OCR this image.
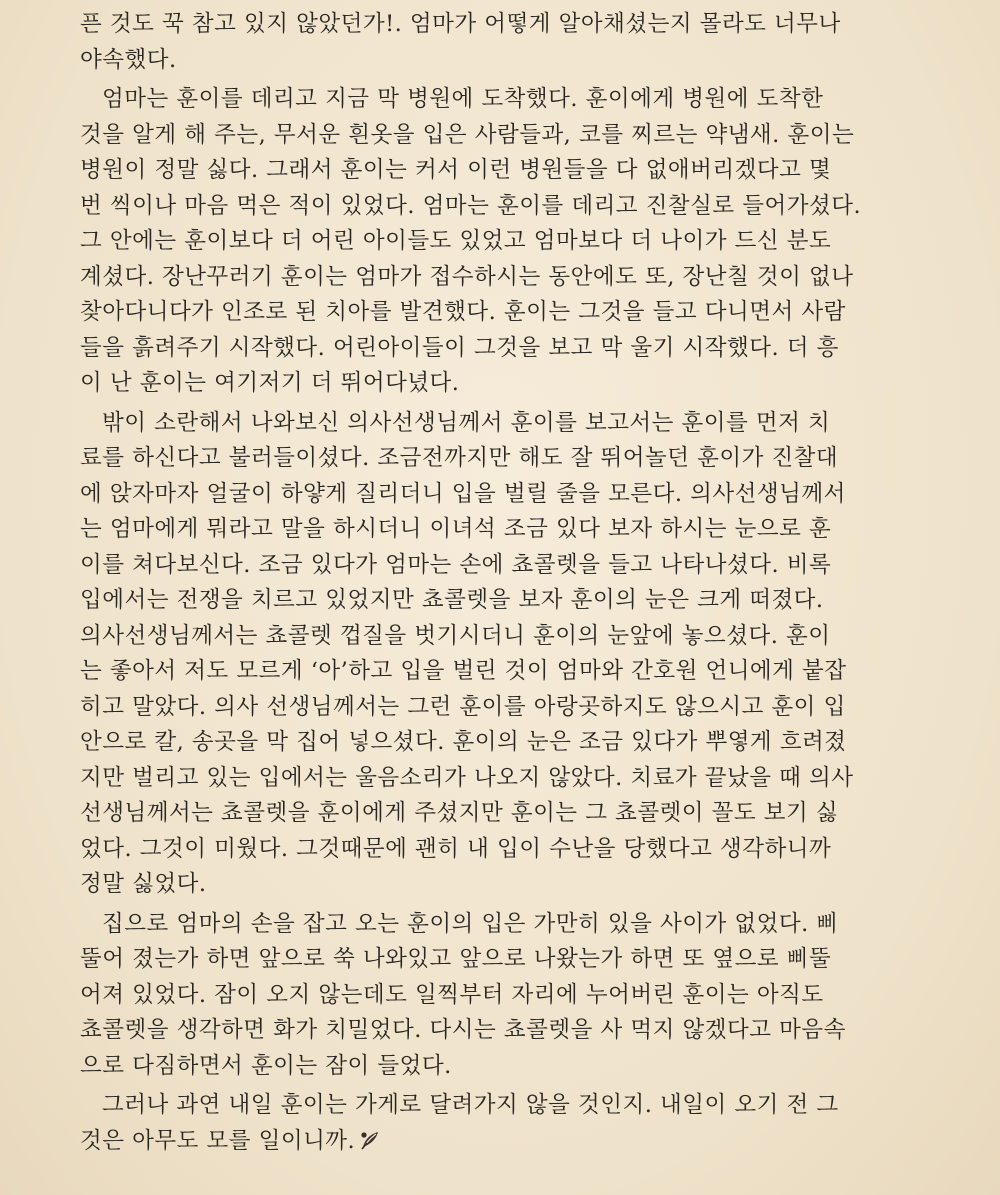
픈 것도 꾹 참고 있지 않았던가!. 엄마가 어떻게 알아채셨는지 몰라도 너무나
야속했다.
엄마는 훈이를 데리고 지금 막 병원에 도착했다. 훈이에게 병원에 도착한
것을 알게 해 주는, 무서운 흰옷을 입은 사람들과, 코를 찌르는 약냄새. 훈이는
병원이 정말 싫다. 그래서 훈이는 커서 이런 병원들을 다 없애버리겠다고 몇
번 씩이나 마음 먹은 적이 있었다. 엄마는 훈이를 데리고 진찰실로 들어가셨다.
그 안에는 훈이보다 더 어린 아이들도 있었고 엄마보다 더 나이가 드신 분도
계셨다. 장난꾸러기 훈이는 엄마가 접수하시는 동안에도 또, 장난칠 것이 없나
찾아다니다가 인조로 된 치아를 발견했다. 훈이는 그것을 들고 다니면서 사람
들을 흙려주기 시작했다. 어린아이들이 그것을 보고 막 울기 시작했다. 더 흥
이 난 훈이는 여기저기 더 뛰어다녔다.
밖이 소란해서 나와보신 의사선생님께서 훈이를 보고서는 훈이를 먼저 치
료를 하신다고 불러들이셨다. 조금전까지만 해도 잘 뛰어놀던 훈이가 진찰대
에 앉자마자 얼굴이 하얗게 질리더니 입을 벌릴 줄을 모른다. 의사선생님께서
는 엄마에게 뭐라고 말을 하시더니 이녀석 조금 있다 보자 하시는 눈으로 훈
이를 쳐다보신다. 조금 있다가 엄마는 손에 쵸콜렛을 들고 나타나셨다. 비록
입에서는 전쟁을 치르고 있었지만 쵸콜렛을 보자 훈이의 눈은 크게 떠졌다.
의사선생님께서는 쵸콜렛 껍질을 벗기시더니 훈이의 눈앞에 놓으셨다. 훈이
는 좋아서 저도 모르게 ‘아’하고 입을 벌린 것이 엄마와 간호원 언니에게 붙잡
히고 말았다. 의사 선생님께서는 그런 훈이를 아랑곳하지도 않으시고 훈이 입
안으로 칼, 송곳을 막 집어 넣으셨다. 훈이의 눈은 조금 있다가 뿌옇게 흐려졌
지만 벌리고 있는 입에서는 울음소리가 나오지 않았다. 치료가 끝났을 때 의사
선생님께서는 쵸콜렛을 훈이에게 주셨지만 훈이는 그 쵸콜렛이 꼴도 보기 싫
었다. 그것이 미웠다. 그것때문에 괜히 내 입이 수난을 당했다고 생각하니까
정말 싫었다.
집으로 엄마의 손을 잡고 오는 훈이의 입은 가만히 있을 사이가 없었다. 삐
뚤어 졌는가 하면 앞으로 쑥 나와있고 앞으로 나왔는가 하면 또 옆으로 삐뚤
어져 있었다. 잠이 오지 않는데도 일찍부터 자리에 누어버린 훈이는 아직도
쵸콜렛을 생각하면 화가 치밀었다. 다시는 쵸콜렛을 사 먹지 않겠다고 마음속
으로 다짐하면서 훈이는 잠이 들었다.
그러나 과연 내일 훈이는 가게로 달려가지 않을 것인지. 내일이 오기 전 그
것은 아무도 모를 일이니까.
